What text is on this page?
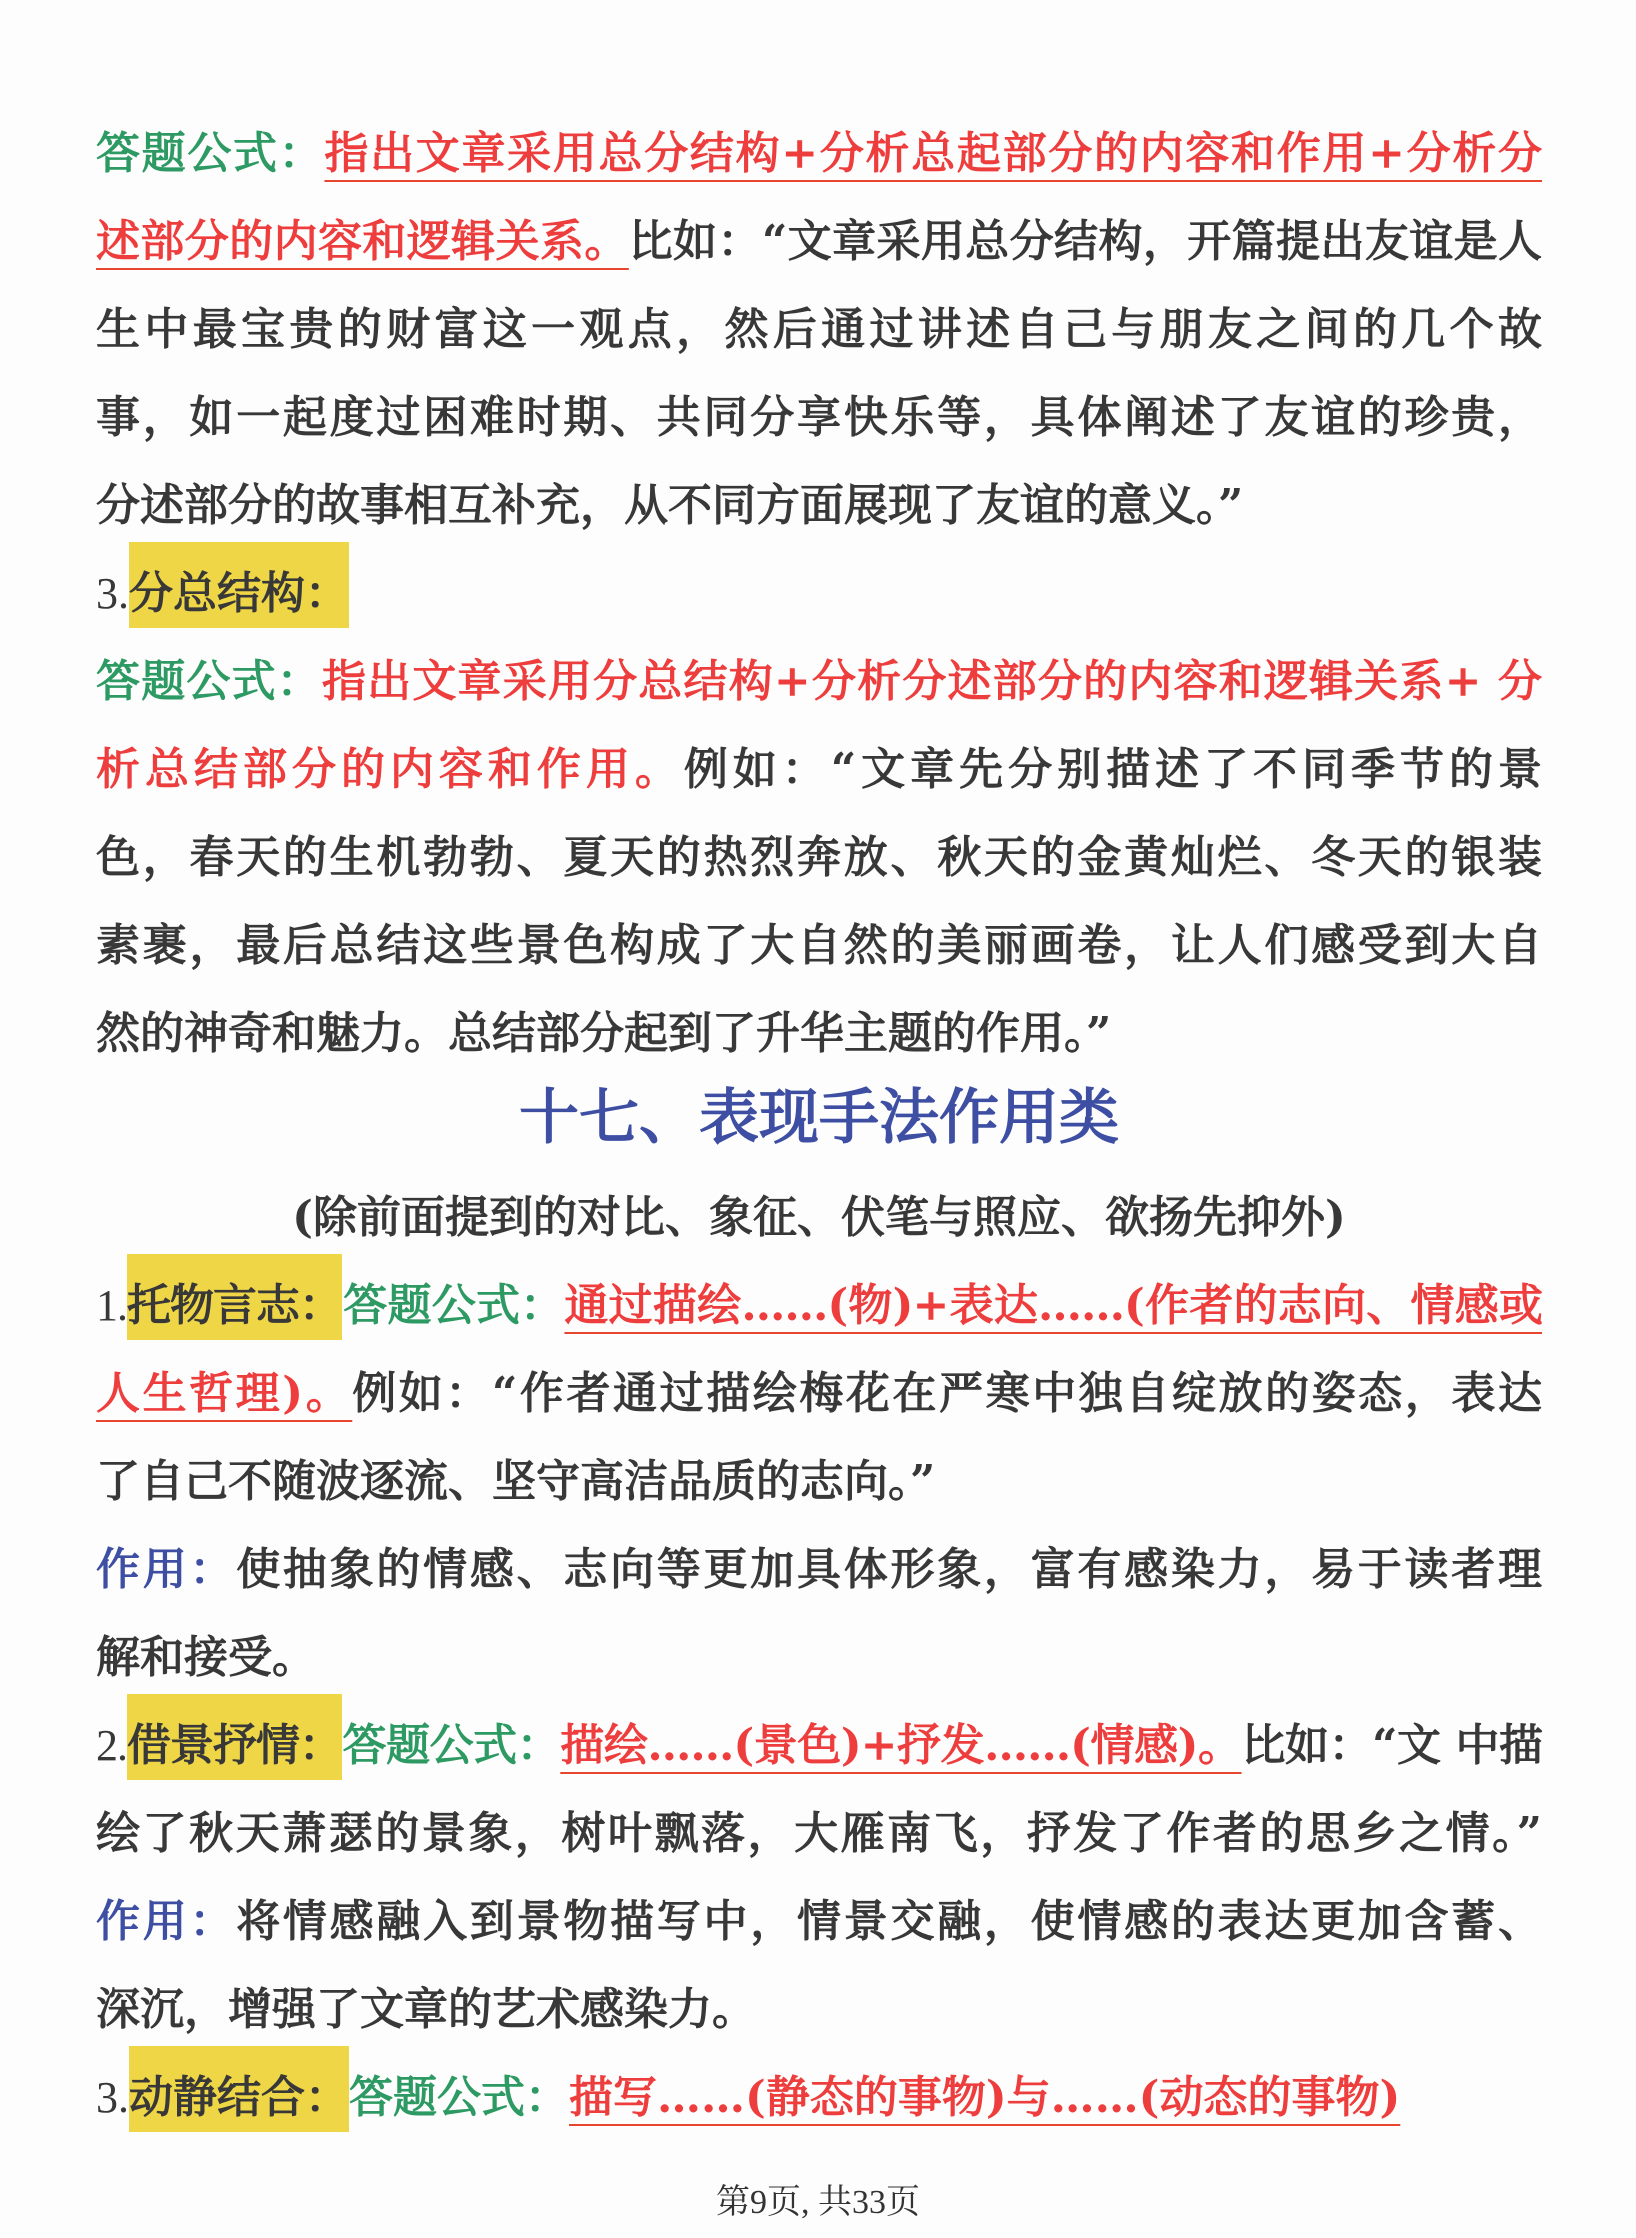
答题公式：指出文章采用总分结构+分析总起部分的内容和作用+分析分
述部分的内容和逻辑关系。比如：“文章采用总分结构，开篇提出友谊是人
生中最宝贵的财富这一观点，然后通过讲述自己与朋友之间的几个故
事，如一起度过困难时期、共同分享快乐等，具体阐述了友谊的珍贵，
分述部分的故事相互补充，从不同方面展现了友谊的意义。”
3.分总结构：
答题公式：指出文章采用分总结构+分析分述部分的内容和逻辑关系+ 分
析总结部分的内容和作用。例如：“文章先分别描述了不同季节的景
色，春天的生机勃勃、夏天的热烈奔放、秋天的金黄灿烂、冬天的银装
素裹，最后总结这些景色构成了大自然的美丽画卷，让人们感受到大自
然的神奇和魅力。总结部分起到了升华主题的作用。”
十七、表现手法作用类
(除前面提到的对比、象征、伏笔与照应、欲扬先抑外)
1.托物言志：答题公式：通过描绘……(物)+表达……(作者的志向、情感或
人生哲理)。例如：“作者通过描绘梅花在严寒中独自绽放的姿态，表达
了自己不随波逐流、坚守高洁品质的志向。”
作用：使抽象的情感、志向等更加具体形象，富有感染力，易于读者理
解和接受。
2.借景抒情：答题公式：描绘……(景色)+抒发……(情感)。比如：“文 中描
绘了秋天萧瑟的景象，树叶飘落，大雁南飞，抒发了作者的思乡之情。”
作用：将情感融入到景物描写中，情景交融，使情感的表达更加含蓄、
深沉，增强了文章的艺术感染力。
3.动静结合：答题公式：描写……(静态的事物)与……(动态的事物)
第9页, 共33页
